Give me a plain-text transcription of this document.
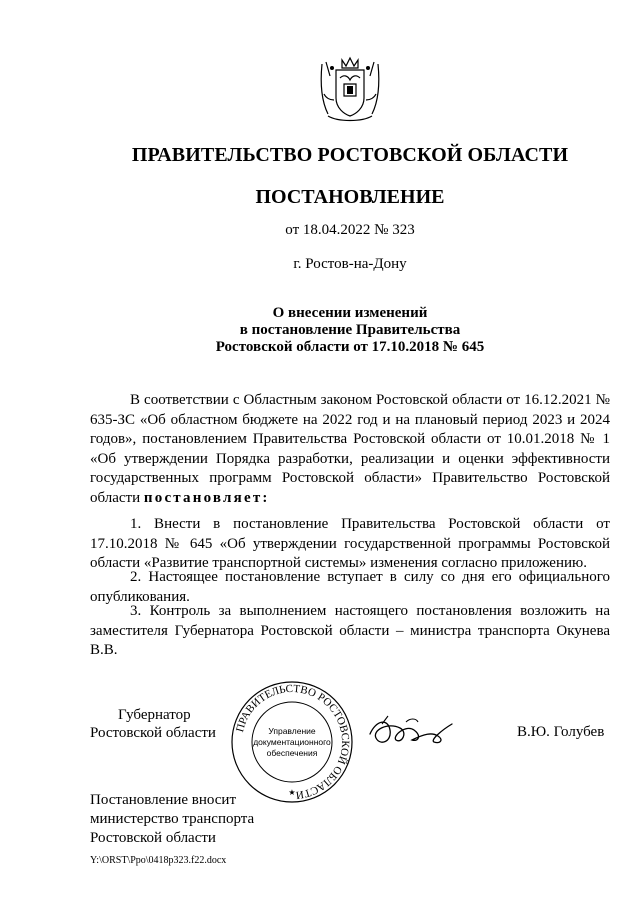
ПРАВИТЕЛЬСТВО РОСТОВСКОЙ ОБЛАСТИ
ПОСТАНОВЛЕНИЕ
от 18.04.2022 № 323
г. Ростов-на-Дону
О внесении изменений
в постановление Правительства
Ростовской области от 17.10.2018 № 645
В соответствии с Областным законом Ростовской области от 16.12.2021 № 635-ЗС «Об областном бюджете на 2022 год и на плановый период 2023 и 2024 годов», постановлением Правительства Ростовской области от 10.01.2018 № 1 «Об утверждении Порядка разработки, реализации и оценки эффективности государственных программ Ростовской области» Правительство Ростовской области постановляет:
1. Внести в постановление Правительства Ростовской области от 17.10.2018 № 645 «Об утверждении государственной программы Ростовской области «Развитие транспортной системы» изменения согласно приложению.
2. Настоящее постановление вступает в силу со дня его официального опубликования.
3. Контроль за выполнением настоящего постановления возложить на заместителя Губернатора Ростовской области – министра транспорта Окунева В.В.
Губернатор
Ростовской области ПРАВИТЕЛЬСТВО РОСТОВСКОЙ ОБЛАСТИ
Управление
документационного
обеспечения
★
В.Ю. Голубев
Постановление вносит
министерство транспорта
Ростовской области
Y:\ORST\Ppo\0418p323.f22.docx
